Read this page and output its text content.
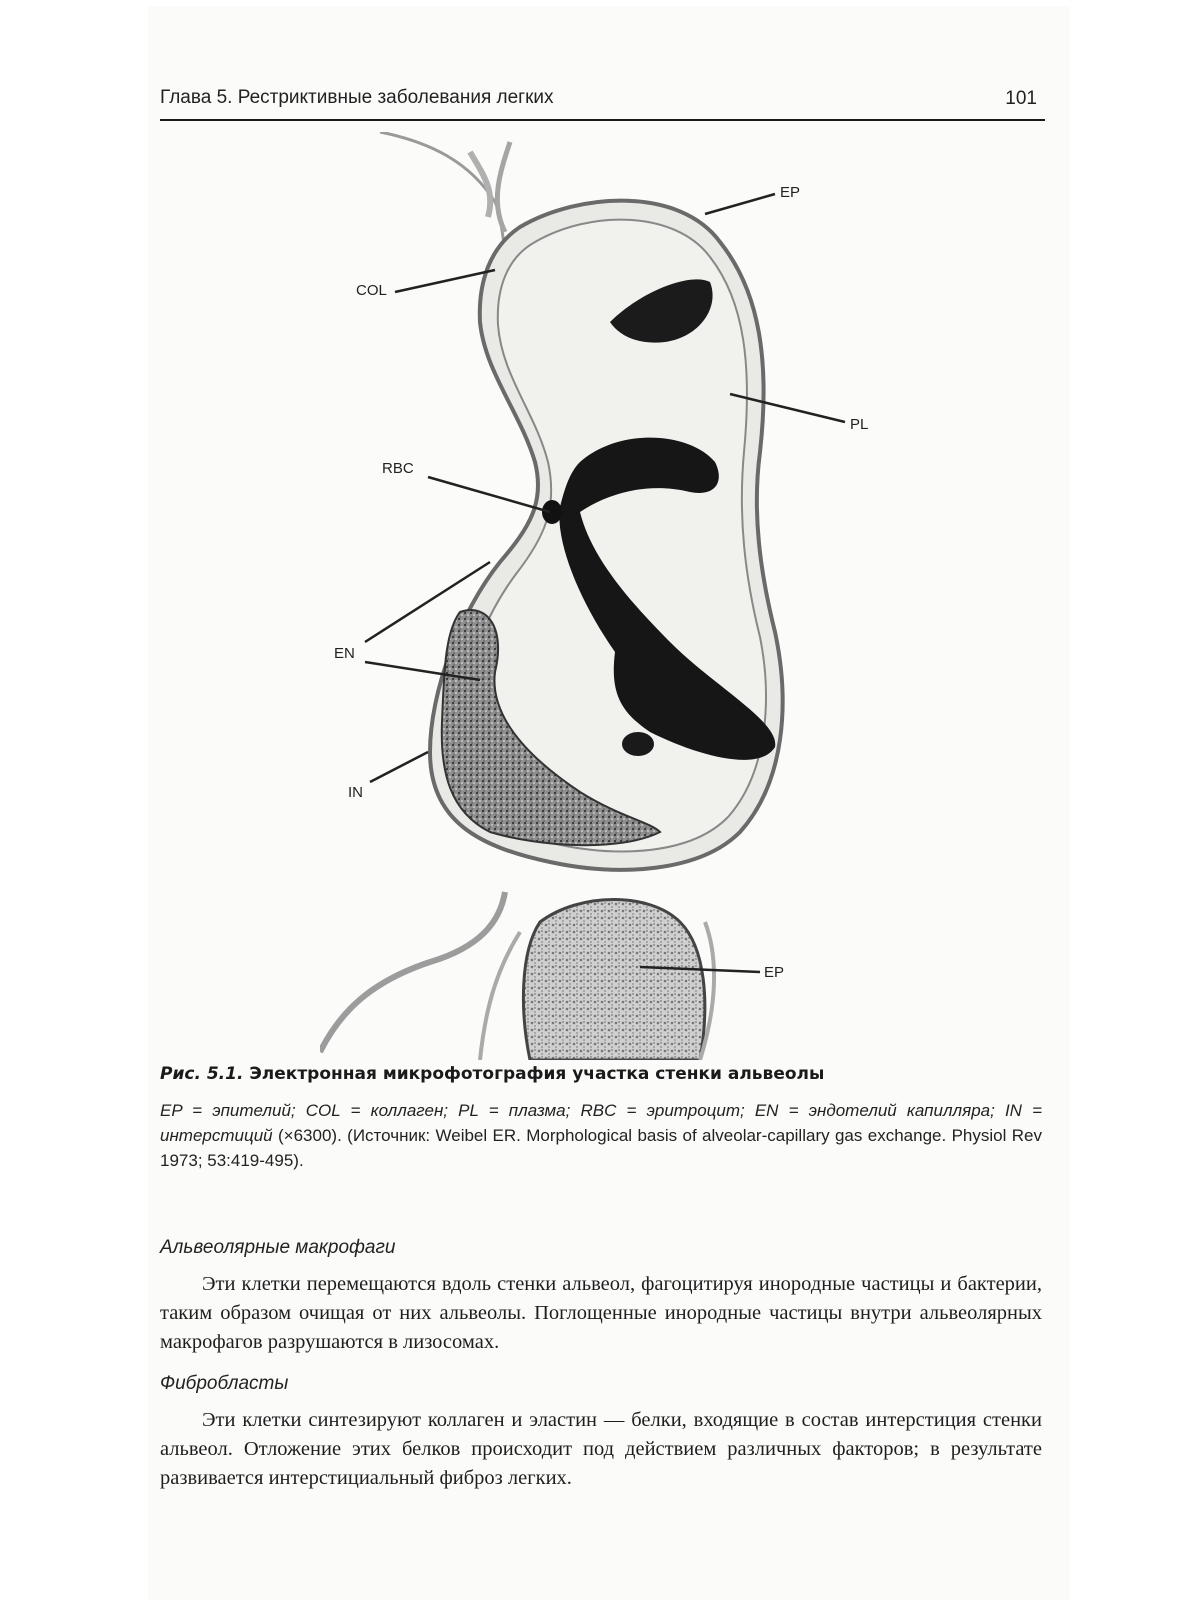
Глава 5. Рестриктивные заболевания легких	101
EP
COL
PL
RBC
EN
IN
EP
Рис. 5.1. Электронная микрофотография участка стенки альвеолы
EP = эпителий; COL = коллаген; PL = плазма; RBC = эритроцит; EN = эндотелий капилляра; IN = интерстиций (×6300). (Источник: Weibel ER. Morphological basis of alveolar-capillary gas exchange. Physiol Rev 1973; 53:419-495).
Альвеолярные макрофаги
Эти клетки перемещаются вдоль стенки альвеол, фагоцитируя инородные частицы и бактерии, таким образом очищая от них альвеолы. Поглощенные инородные частицы внутри альвеолярных макрофагов разрушаются в лизосомах.
Фибробласты
Эти клетки синтезируют коллаген и эластин — белки, входящие в состав интерстиция стенки альвеол. Отложение этих белков происходит под действием различных факторов; в результате развивается интерстициальный фиброз легких.
